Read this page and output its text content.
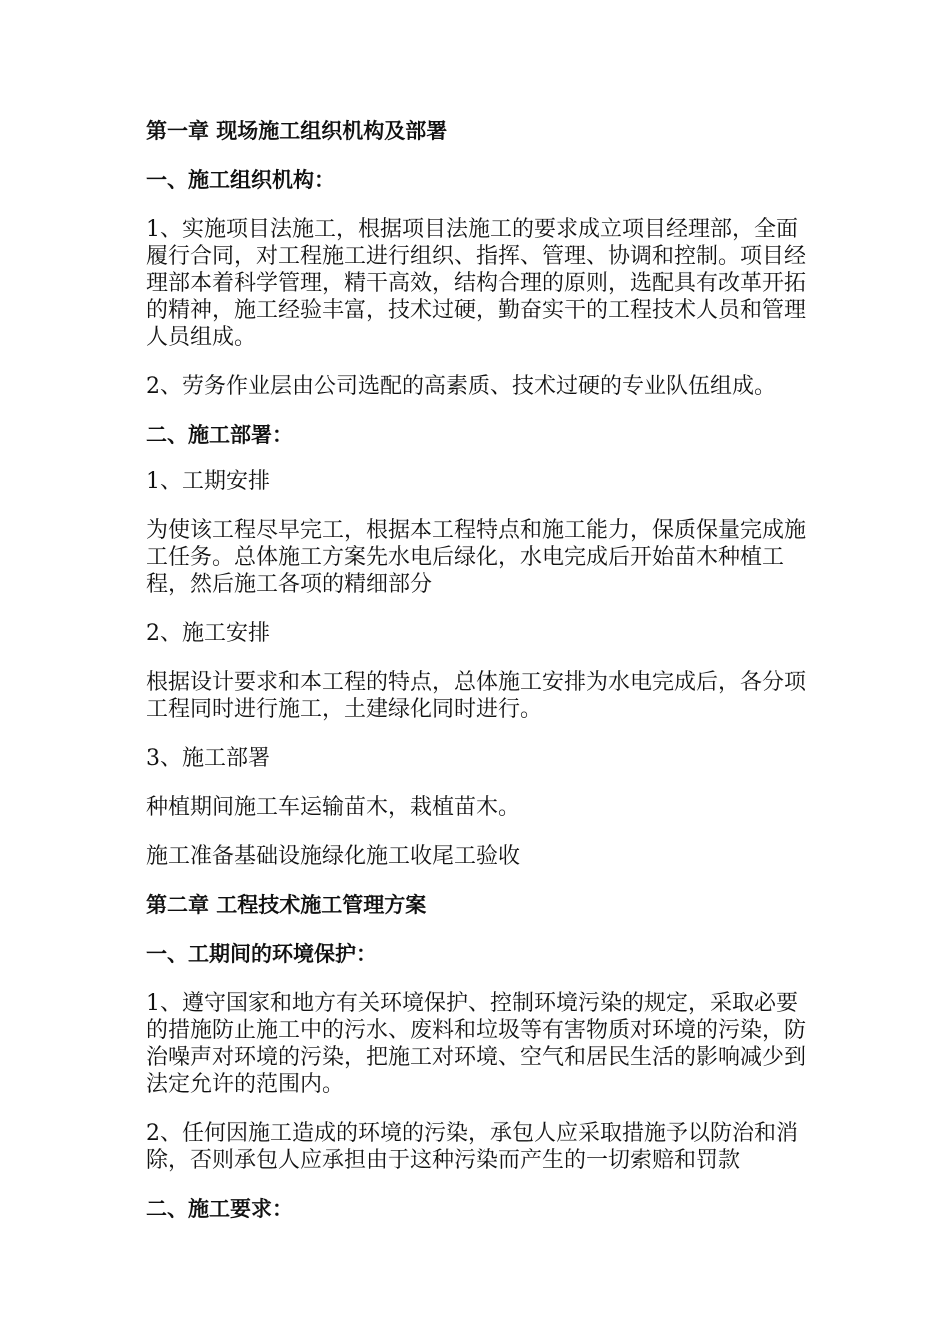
第一章 现场施工组织机构及部署

一、施工组织机构：

1、实施项目法施工，根据项目法施工的要求成立项目经理部，全面履行合同，对工程施工进行组织、指挥、管理、协调和控制。项目经理部本着科学管理，精干高效，结构合理的原则，选配具有改革开拓的精神，施工经验丰富，技术过硬，勤奋实干的工程技术人员和管理人员组成。

2、劳务作业层由公司选配的高素质、技术过硬的专业队伍组成。

二、施工部署：

1、工期安排

为使该工程尽早完工，根据本工程特点和施工能力，保质保量完成施工任务。总体施工方案先水电后绿化，水电完成后开始苗木种植工程，然后施工各项的精细部分

2、施工安排

根据设计要求和本工程的特点，总体施工安排为水电完成后，各分项工程同时进行施工，土建绿化同时进行。

3、施工部署

种植期间施工车运输苗木，栽植苗木。

施工准备基础设施绿化施工收尾工验收

第二章 工程技术施工管理方案

一、工期间的环境保护：

1、遵守国家和地方有关环境保护、控制环境污染的规定，采取必要的措施防止施工中的污水、废料和垃圾等有害物质对环境的污染，防治噪声对环境的污染，把施工对环境、空气和居民生活的影响减少到法定允许的范围内。

2、任何因施工造成的环境的污染，承包人应采取措施予以防治和消除，否则承包人应承担由于这种污染而产生的一切索赔和罚款

二、施工要求：
